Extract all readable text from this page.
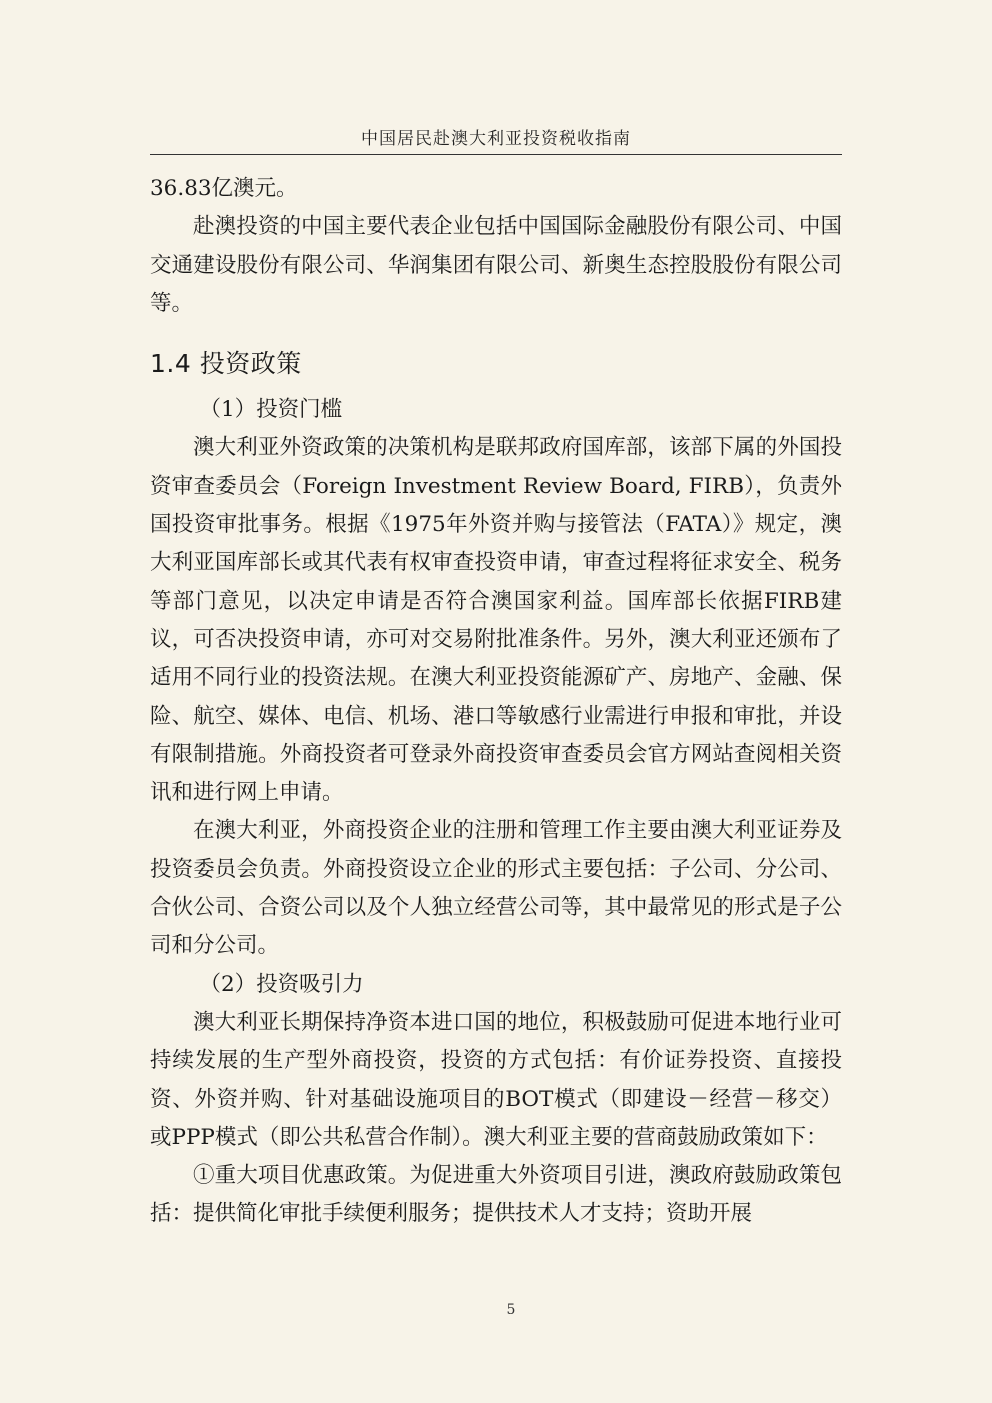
中国居民赴澳大利亚投资税收指南

36.83亿澳元。

赴澳投资的中国主要代表企业包括中国国际金融股份有限公司、中国交通建设股份有限公司、华润集团有限公司、新奥生态控股股份有限公司等。

1.4 投资政策

（1）投资门槛

澳大利亚外资政策的决策机构是联邦政府国库部，该部下属的外国投资审查委员会（Foreign Investment Review Board, FIRB），负责外国投资审批事务。根据《1975年外资并购与接管法（FATA）》规定，澳大利亚国库部长或其代表有权审查投资申请，审查过程将征求安全、税务等部门意见，以决定申请是否符合澳国家利益。国库部长依据FIRB建议，可否决投资申请，亦可对交易附批准条件。另外，澳大利亚还颁布了适用不同行业的投资法规。在澳大利亚投资能源矿产、房地产、金融、保险、航空、媒体、电信、机场、港口等敏感行业需进行申报和审批，并设有限制措施。外商投资者可登录外商投资审查委员会官方网站查阅相关资讯和进行网上申请。

在澳大利亚，外商投资企业的注册和管理工作主要由澳大利亚证券及投资委员会负责。外商投资设立企业的形式主要包括：子公司、分公司、合伙公司、合资公司以及个人独立经营公司等，其中最常见的形式是子公司和分公司。

（2）投资吸引力

澳大利亚长期保持净资本进口国的地位，积极鼓励可促进本地行业可持续发展的生产型外商投资，投资的方式包括：有价证券投资、直接投资、外资并购、针对基础设施项目的BOT模式（即建设－经营－移交）或PPP模式（即公共私营合作制）。澳大利亚主要的营商鼓励政策如下：

①重大项目优惠政策。为促进重大外资项目引进，澳政府鼓励政策包括：提供简化审批手续便利服务；提供技术人才支持；资助开展

5
